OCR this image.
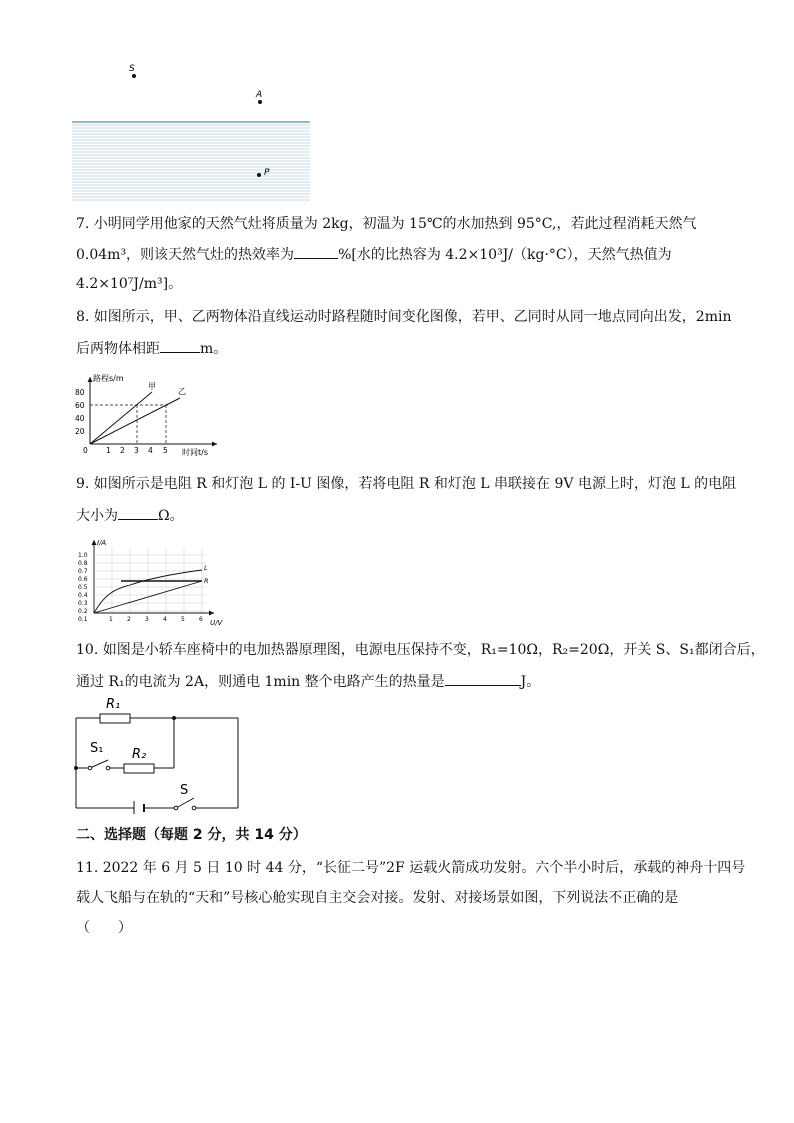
S
A
P
7. 小明同学用他家的天然气灶将质量为 2kg，初温为 15℃的水加热到 95°C,，若此过程消耗天然气
0.04m³，则该天然气灶的热效率为	%[水的比热容为 4.2×10³J/（kg·°C），天然气热值为
4.2×10⁷J/m³]。
8. 如图所示，甲、乙两物体沿直线运动时路程随时间变化图像，若甲、乙同时从同一地点同向出发，2min
后两物体相距	m。
路程s/m
时间t/s
80
60
40
20
0 1 2 3 4 5
甲
乙
9. 如图所示是电阻 R 和灯泡 L 的 I-U 图像，若将电阻 R 和灯泡 L 串联接在 9V 电源上时，灯泡 L 的电阻
大小为	Ω。
I/A
U/V
1.0
0.8
0.7
0.6
0.5
0.4
0.3
0.2
0.1	1 2 3 4 5 6
L
R
10. 如图是小轿车座椅中的电加热器原理图，电源电压保持不变，R₁=10Ω，R₂=20Ω，开关 S、S₁都闭合后，
通过 R₁的电流为 2A，则通电 1min 整个电路产生的热量是	J。
R₁
R₂
S₁
S
二、选择题（每题 2 分，共 14 分）
11. 2022 年 6 月 5 日 10 时 44 分，“长征二号”2F 运载火箭成功发射。六个半小时后，承载的神舟十四号
载人飞船与在轨的“天和”号核心舱实现自主交会对接。发射、对接场景如图，下列说法不正确的是
（　　）
